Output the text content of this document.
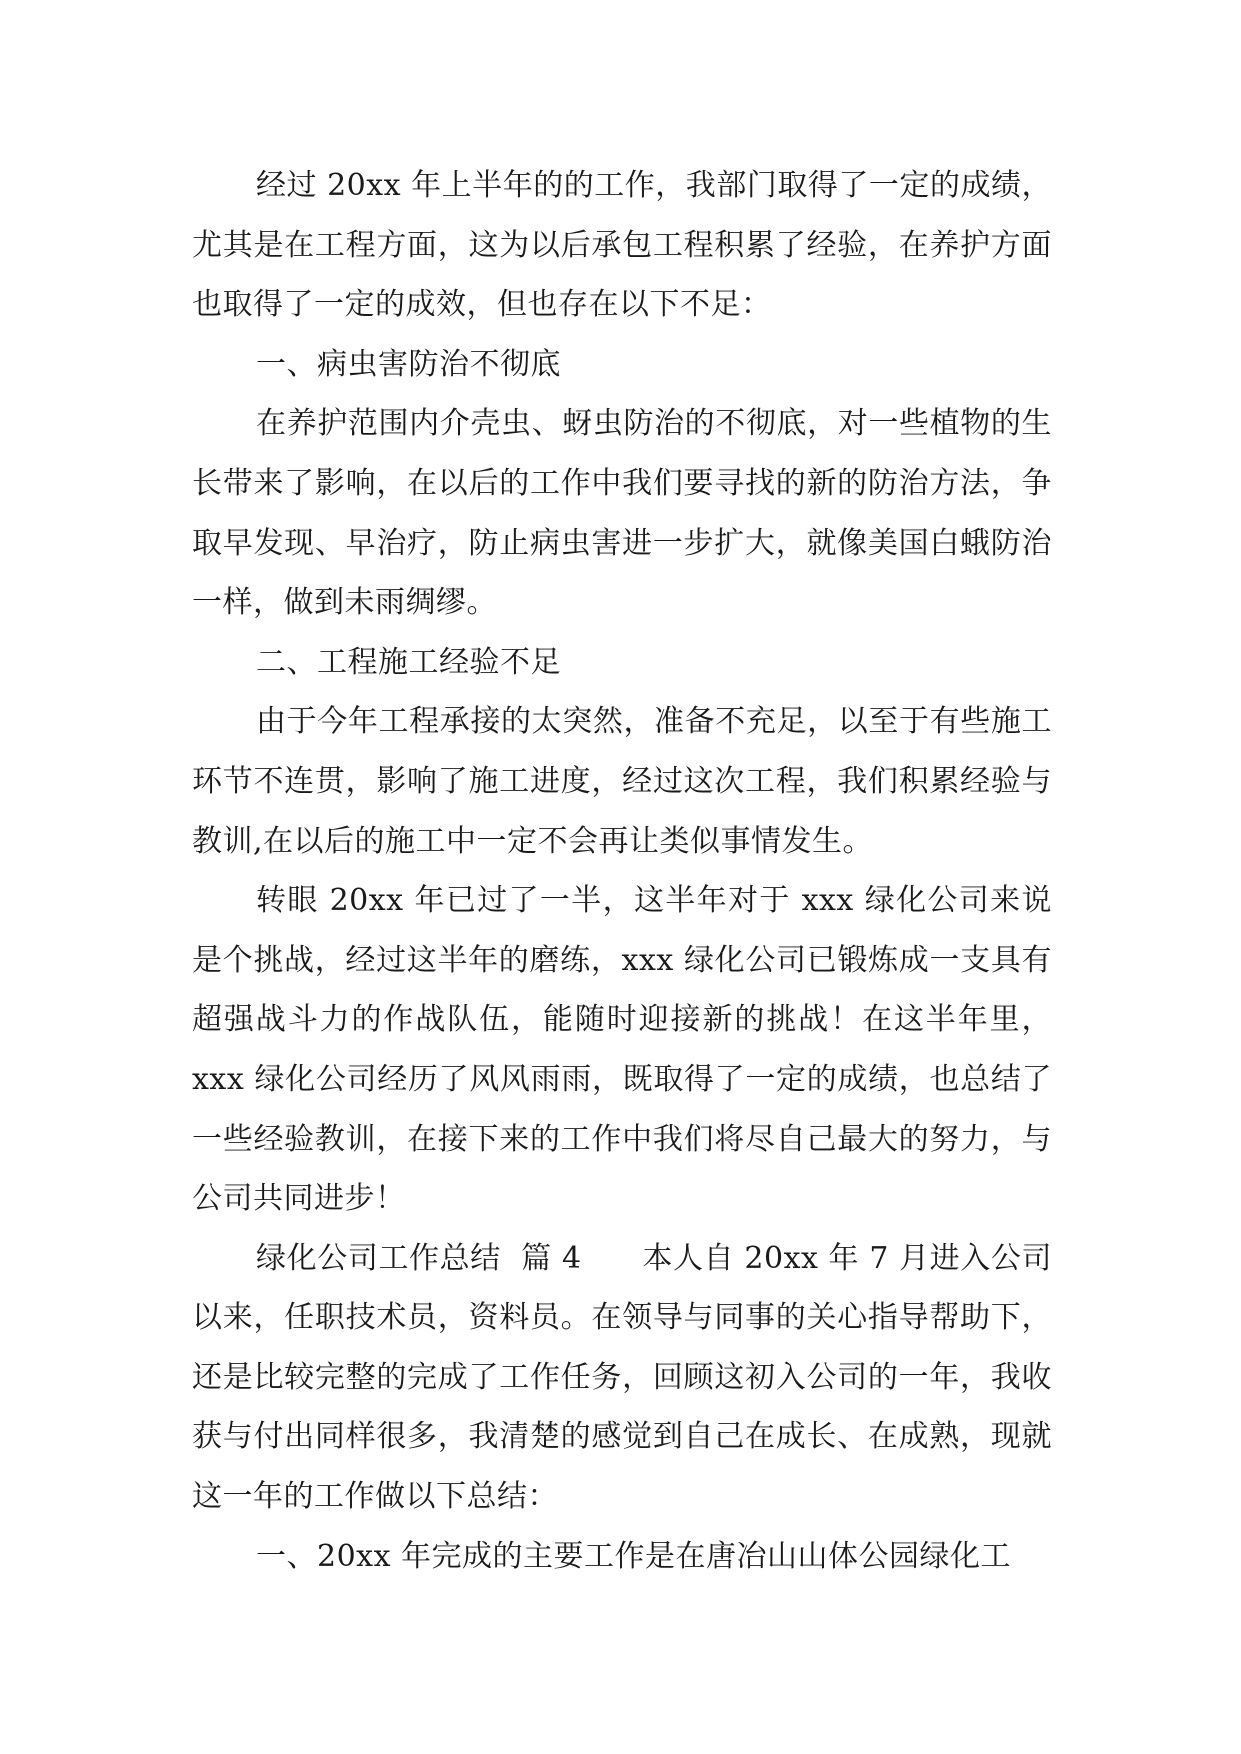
经过 20xx 年上半年的的工作，我部门取得了一定的成绩，尤其是在工程方面，这为以后承包工程积累了经验，在养护方面也取得了一定的成效，但也存在以下不足：

一、病虫害防治不彻底

在养护范围内介壳虫、蚜虫防治的不彻底，对一些植物的生长带来了影响，在以后的工作中我们要寻找的新的防治方法，争取早发现、早治疗，防止病虫害进一步扩大，就像美国白蛾防治一样，做到未雨绸缪。

二、工程施工经验不足

由于今年工程承接的太突然，准备不充足，以至于有些施工环节不连贯，影响了施工进度，经过这次工程，我们积累经验与教训,在以后的施工中一定不会再让类似事情发生。

转眼 20xx 年已过了一半，这半年对于 xxx 绿化公司来说是个挑战，经过这半年的磨练，xxx 绿化公司已锻炼成一支具有超强战斗力的作战队伍，能随时迎接新的挑战！在这半年里，xxx 绿化公司经历了风风雨雨，既取得了一定的成绩，也总结了一些经验教训，在接下来的工作中我们将尽自己最大的努力，与公司共同进步！

绿化公司工作总结  篇 4      本人自 20xx 年 7 月进入公司以来，任职技术员，资料员。在领导与同事的关心指导帮助下，还是比较完整的完成了工作任务，回顾这初入公司的一年，我收获与付出同样很多，我清楚的感觉到自己在成长、在成熟，现就这一年的工作做以下总结：

一、20xx 年完成的主要工作是在唐冶山山体公园绿化工
